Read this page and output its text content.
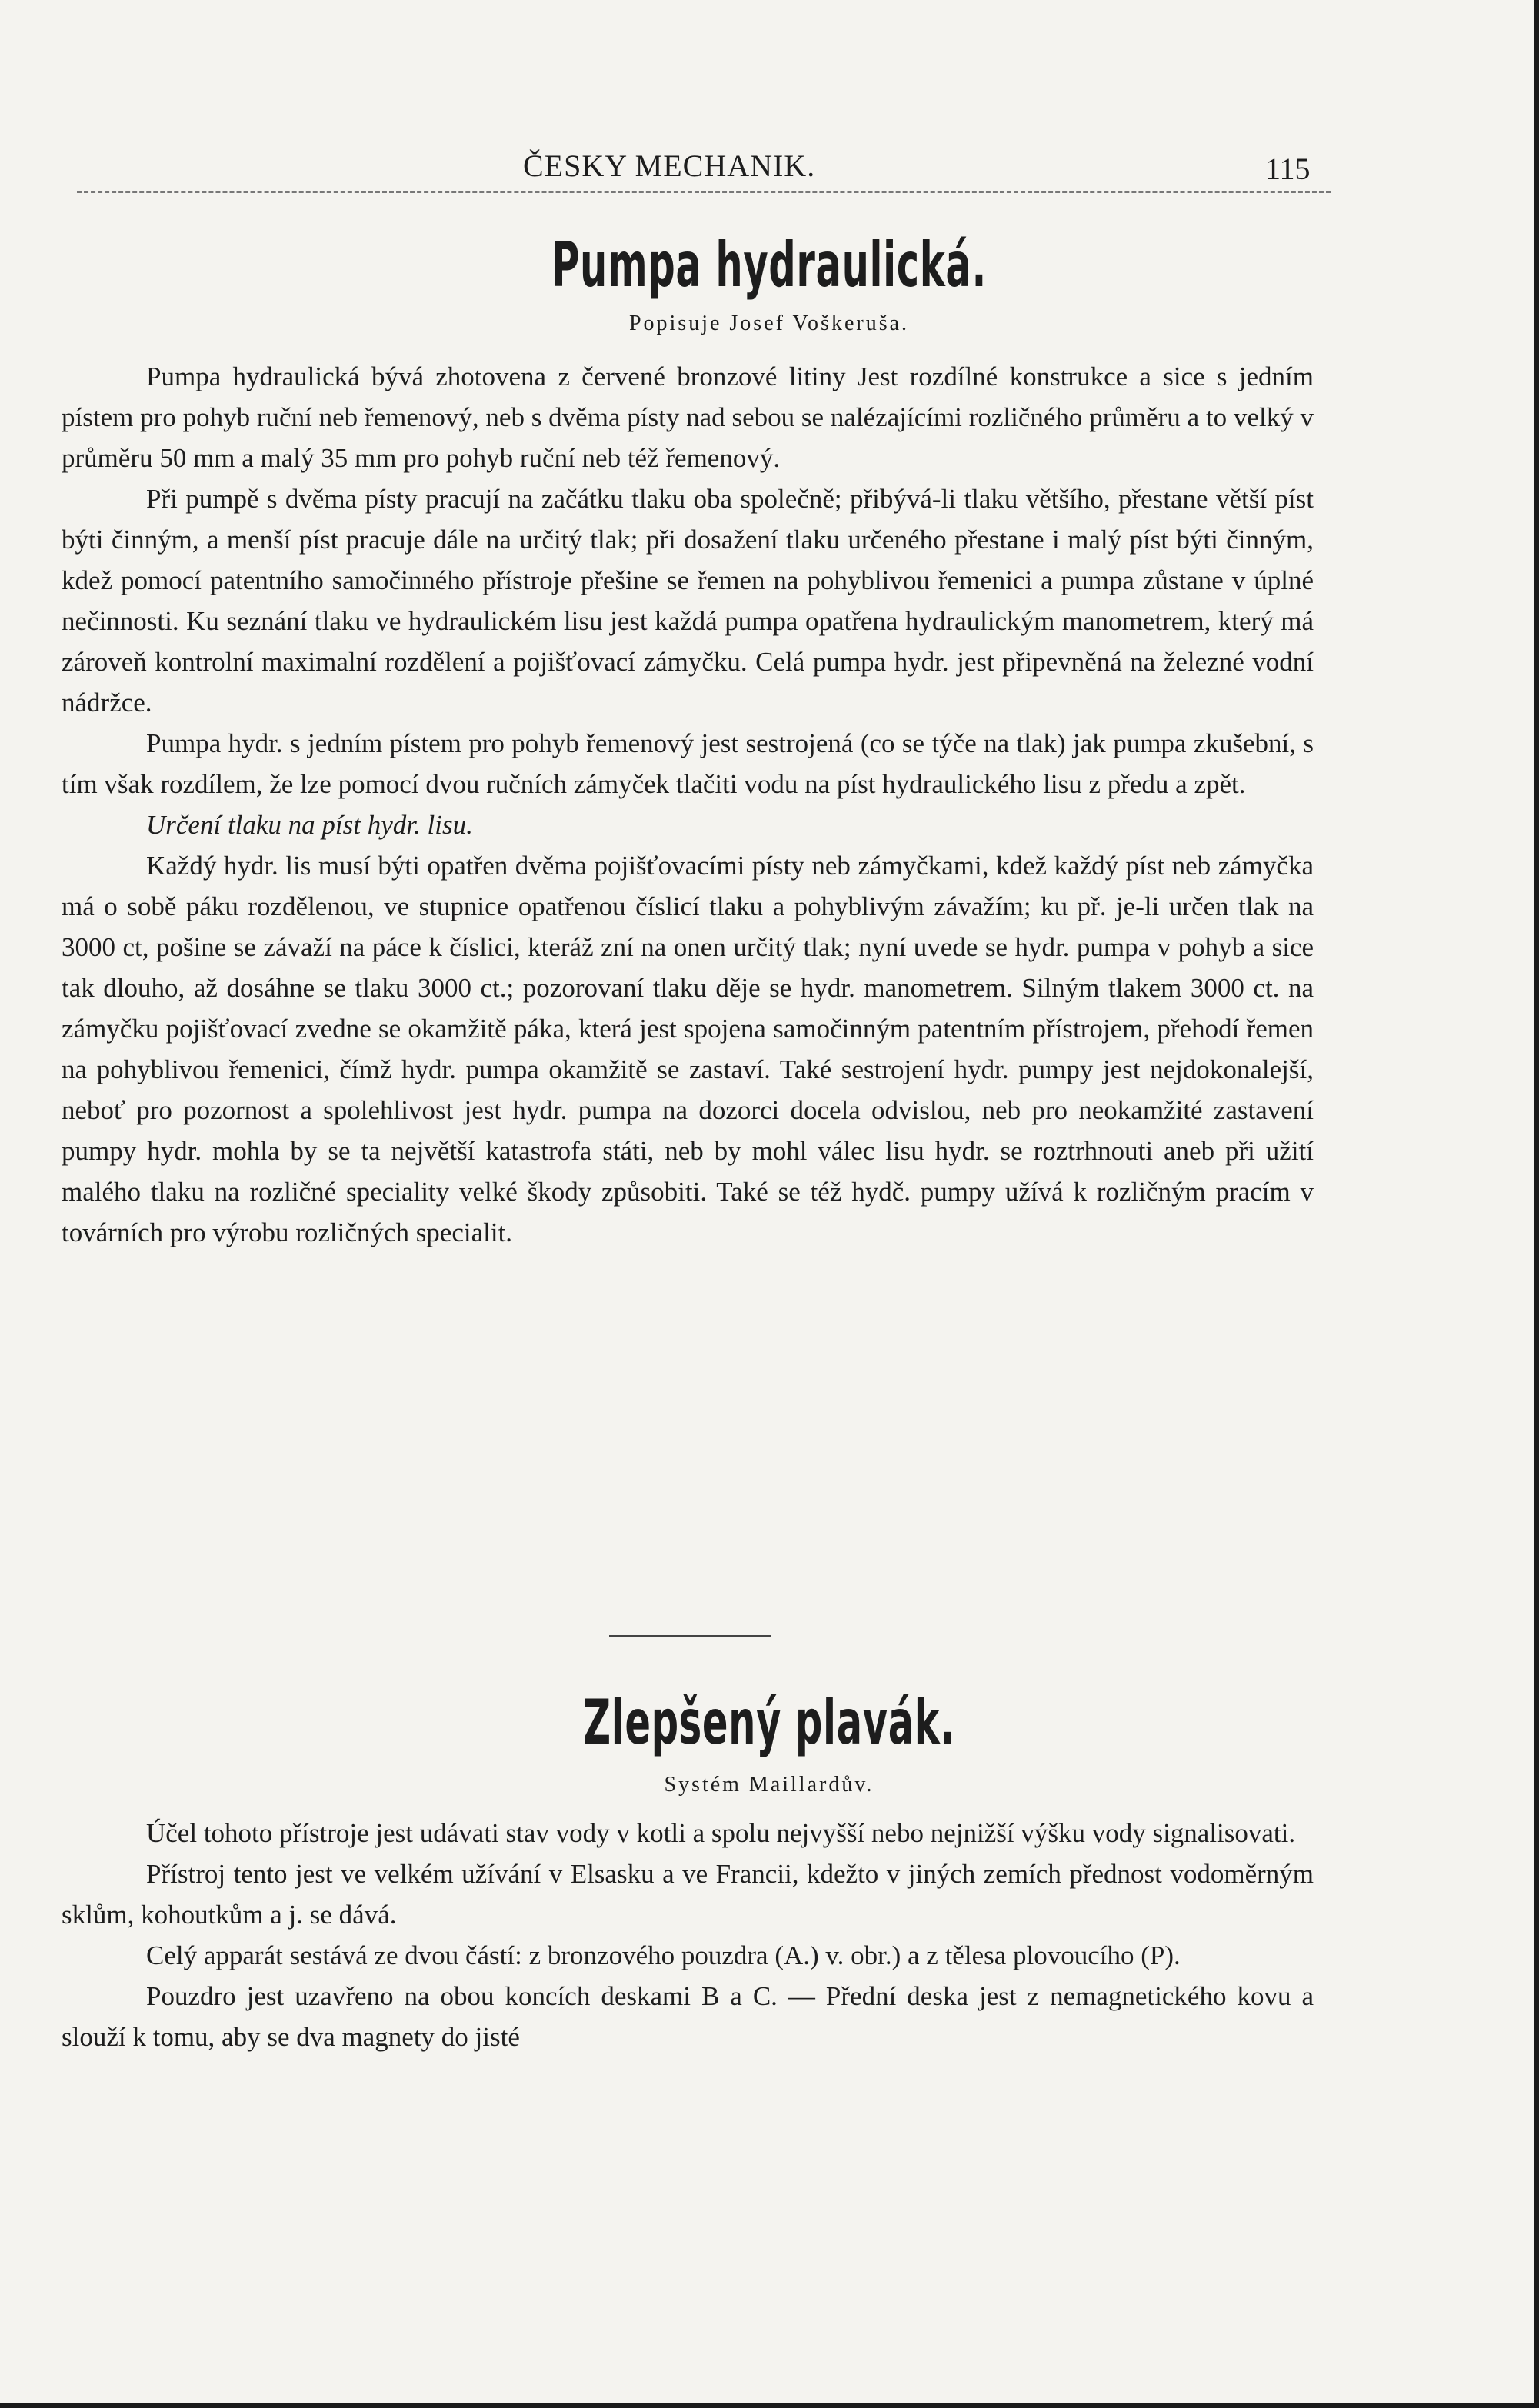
ČESKY MECHANIK.	115
Pumpa hydraulická.
Popisuje Josef Voškeruša.

Pumpa hydraulická bývá zhotovena z červené bronzové litiny Jest rozdílné konstrukce a sice s jedním pístem pro pohyb ruční neb řemenový, neb s dvěma písty nad sebou se nalézajícími rozličného průměru a to velký v průměru 50 mm a malý 35 mm pro pohyb ruční neb též řemenový.

Při pumpě s dvěma písty pracují na začátku tlaku oba společně; přibývá-li tlaku většího, přestane větší píst býti činným, a menší píst pracuje dále na určitý tlak; při dosažení tlaku určeného přestane i malý píst býti činným, kdež pomocí patentního samočinného přístroje přešine se řemen na pohyblivou řemenici a pumpa zůstane v úplné nečinnosti. Ku seznání tlaku ve hydraulickém lisu jest každá pumpa opatřena hydraulickým manometrem, který má zároveň kontrolní maximalní rozdělení a pojišťovací zámyčku. Celá pumpa hydr. jest připevněná na železné vodní nádržce.

Pumpa hydr. s jedním pístem pro pohyb řemenový jest sestrojená (co se týče na tlak) jak pumpa zkušební, s tím však rozdílem, že lze pomocí dvou ručních zámyček tlačiti vodu na píst hydraulického lisu z předu a zpět.

Určení tlaku na píst hydr. lisu.

Každý hydr. lis musí býti opatřen dvěma pojišťovacími písty neb zámyčkami, kdež každý píst neb zámyčka má o sobě páku rozdělenou, ve stupnice opatřenou číslicí tlaku a pohyblivým závažím; ku př. je-li určen tlak na 3000 ct, pošine se závaží na páce k číslici, kteráž zní na onen určitý tlak; nyní uvede se hydr. pumpa v pohyb a sice tak dlouho, až dosáhne se tlaku 3000 ct.; pozorovaní tlaku děje se hydr. manometrem. Silným tlakem 3000 ct. na zámyčku pojišťovací zvedne se okamžitě páka, která jest spojena samočinným patentním přístrojem, přehodí řemen na pohyblivou řemenici, čímž hydr. pumpa okamžitě se zastaví. Také sestrojení hydr. pumpy jest nejdokonalejší, neboť pro pozornost a spolehlivost jest hydr. pumpa na dozorci docela odvislou, neb pro neokamžité zastavení pumpy hydr. mohla by se ta největší katastrofa státi, neb by mohl válec lisu hydr. se roztrhnouti aneb při užití malého tlaku na rozličné speciality velké škody způsobiti. Také se též hydč. pumpy užívá k rozličným pracím v továrních pro výrobu rozličných specialit.

Zlepšený plavák.
Systém Maillardův.

Účel tohoto přístroje jest udávati stav vody v kotli a spolu nejvyšší nebo nejnižší výšku vody signalisovati.

Přístroj tento jest ve velkém užívání v Elsasku a ve Francii, kdežto v jiných zemích přednost vodoměrným sklům, kohoutkům a j. se dává.

Celý apparát sestává ze dvou částí: z bronzového pouzdra (A.) v. obr.) a z tělesa plovoucího (P).

Pouzdro jest uzavřeno na obou koncích deskami B a C. — Přední deska jest z nemagnetického kovu a slouží k tomu, aby se dva magnety do jisté
